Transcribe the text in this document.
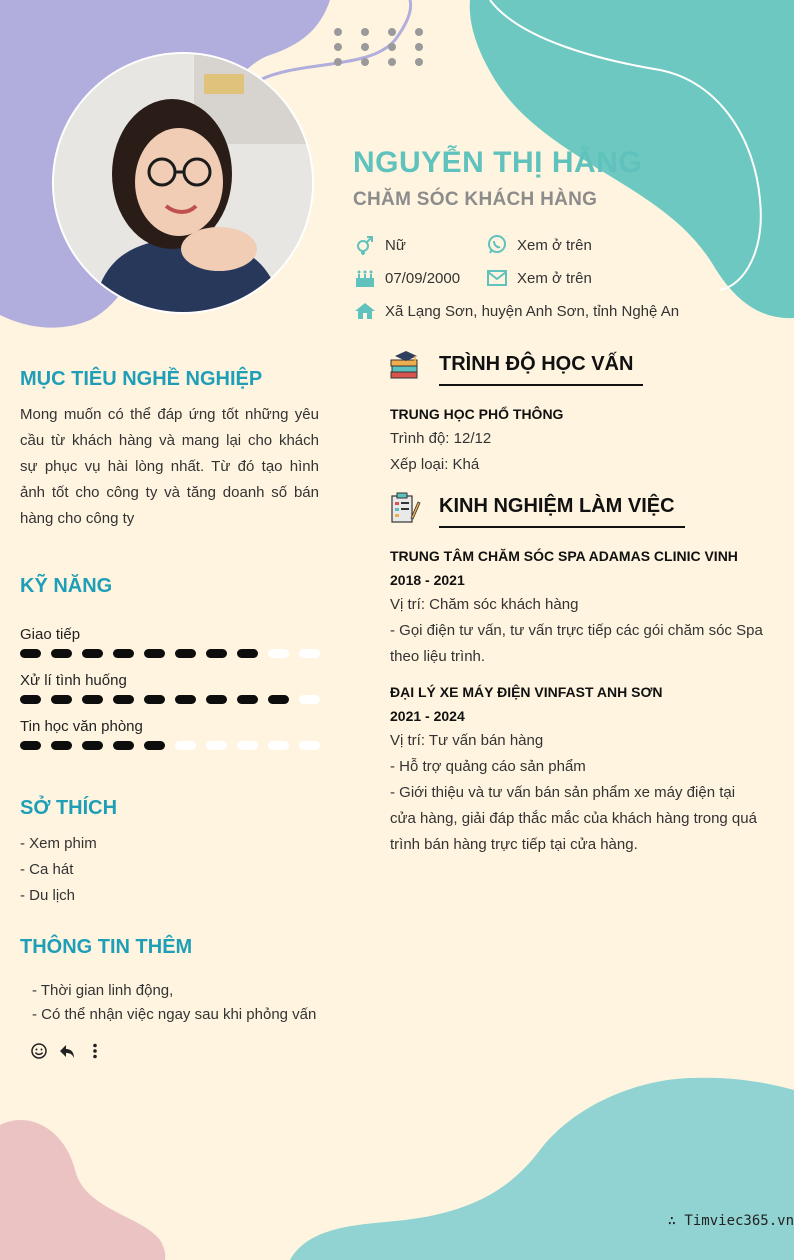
NGUYỄN THỊ HẰNG
CHĂM SÓC KHÁCH HÀNG
Nữ	Xem ở trên
07/09/2000	Xem ở trên
Xã Lạng Sơn, huyện Anh Sơn, tỉnh Nghệ An
MỤC TIÊU NGHỀ NGHIỆP

Mong muốn có thể đáp ứng tốt những yêu cầu từ khách hàng và mang lại cho khách sự phục vụ hài lòng nhất. Từ đó tạo hình ảnh tốt cho công ty và tăng doanh số bán hàng cho công ty

KỸ NĂNG
Giao tiếp
Xử lí tình huống
Tin học văn phòng
SỞ THÍCH
- Xem phim
- Ca hát
- Du lịch
THÔNG TIN THÊM
- Thời gian linh động,
- Có thể nhận việc ngay sau khi phỏng vấn
TRÌNH ĐỘ HỌC VẤN
TRUNG HỌC PHỔ THÔNG
Trình độ: 12/12
Xếp loại: Khá
KINH NGHIỆM LÀM VIỆC
TRUNG TÂM CHĂM SÓC SPA ADAMAS CLINIC VINH
2018 - 2021
Vị trí: Chăm sóc khách hàng
- Gọi điện tư vấn, tư vấn trực tiếp các gói chăm sóc Spa theo liệu trình.
ĐẠI LÝ XE MÁY ĐIỆN VINFAST ANH SƠN
2021 - 2024
Vị trí: Tư vấn bán hàng
- Hỗ trợ quảng cáo sản phẩm
- Giới thiệu và tư vấn bán sản phẩm xe máy điện tại cửa hàng, giải đáp thắc mắc của khách hàng trong quá trình bán hàng trực tiếp tại cửa hàng.
∴ Timviec365.vn
